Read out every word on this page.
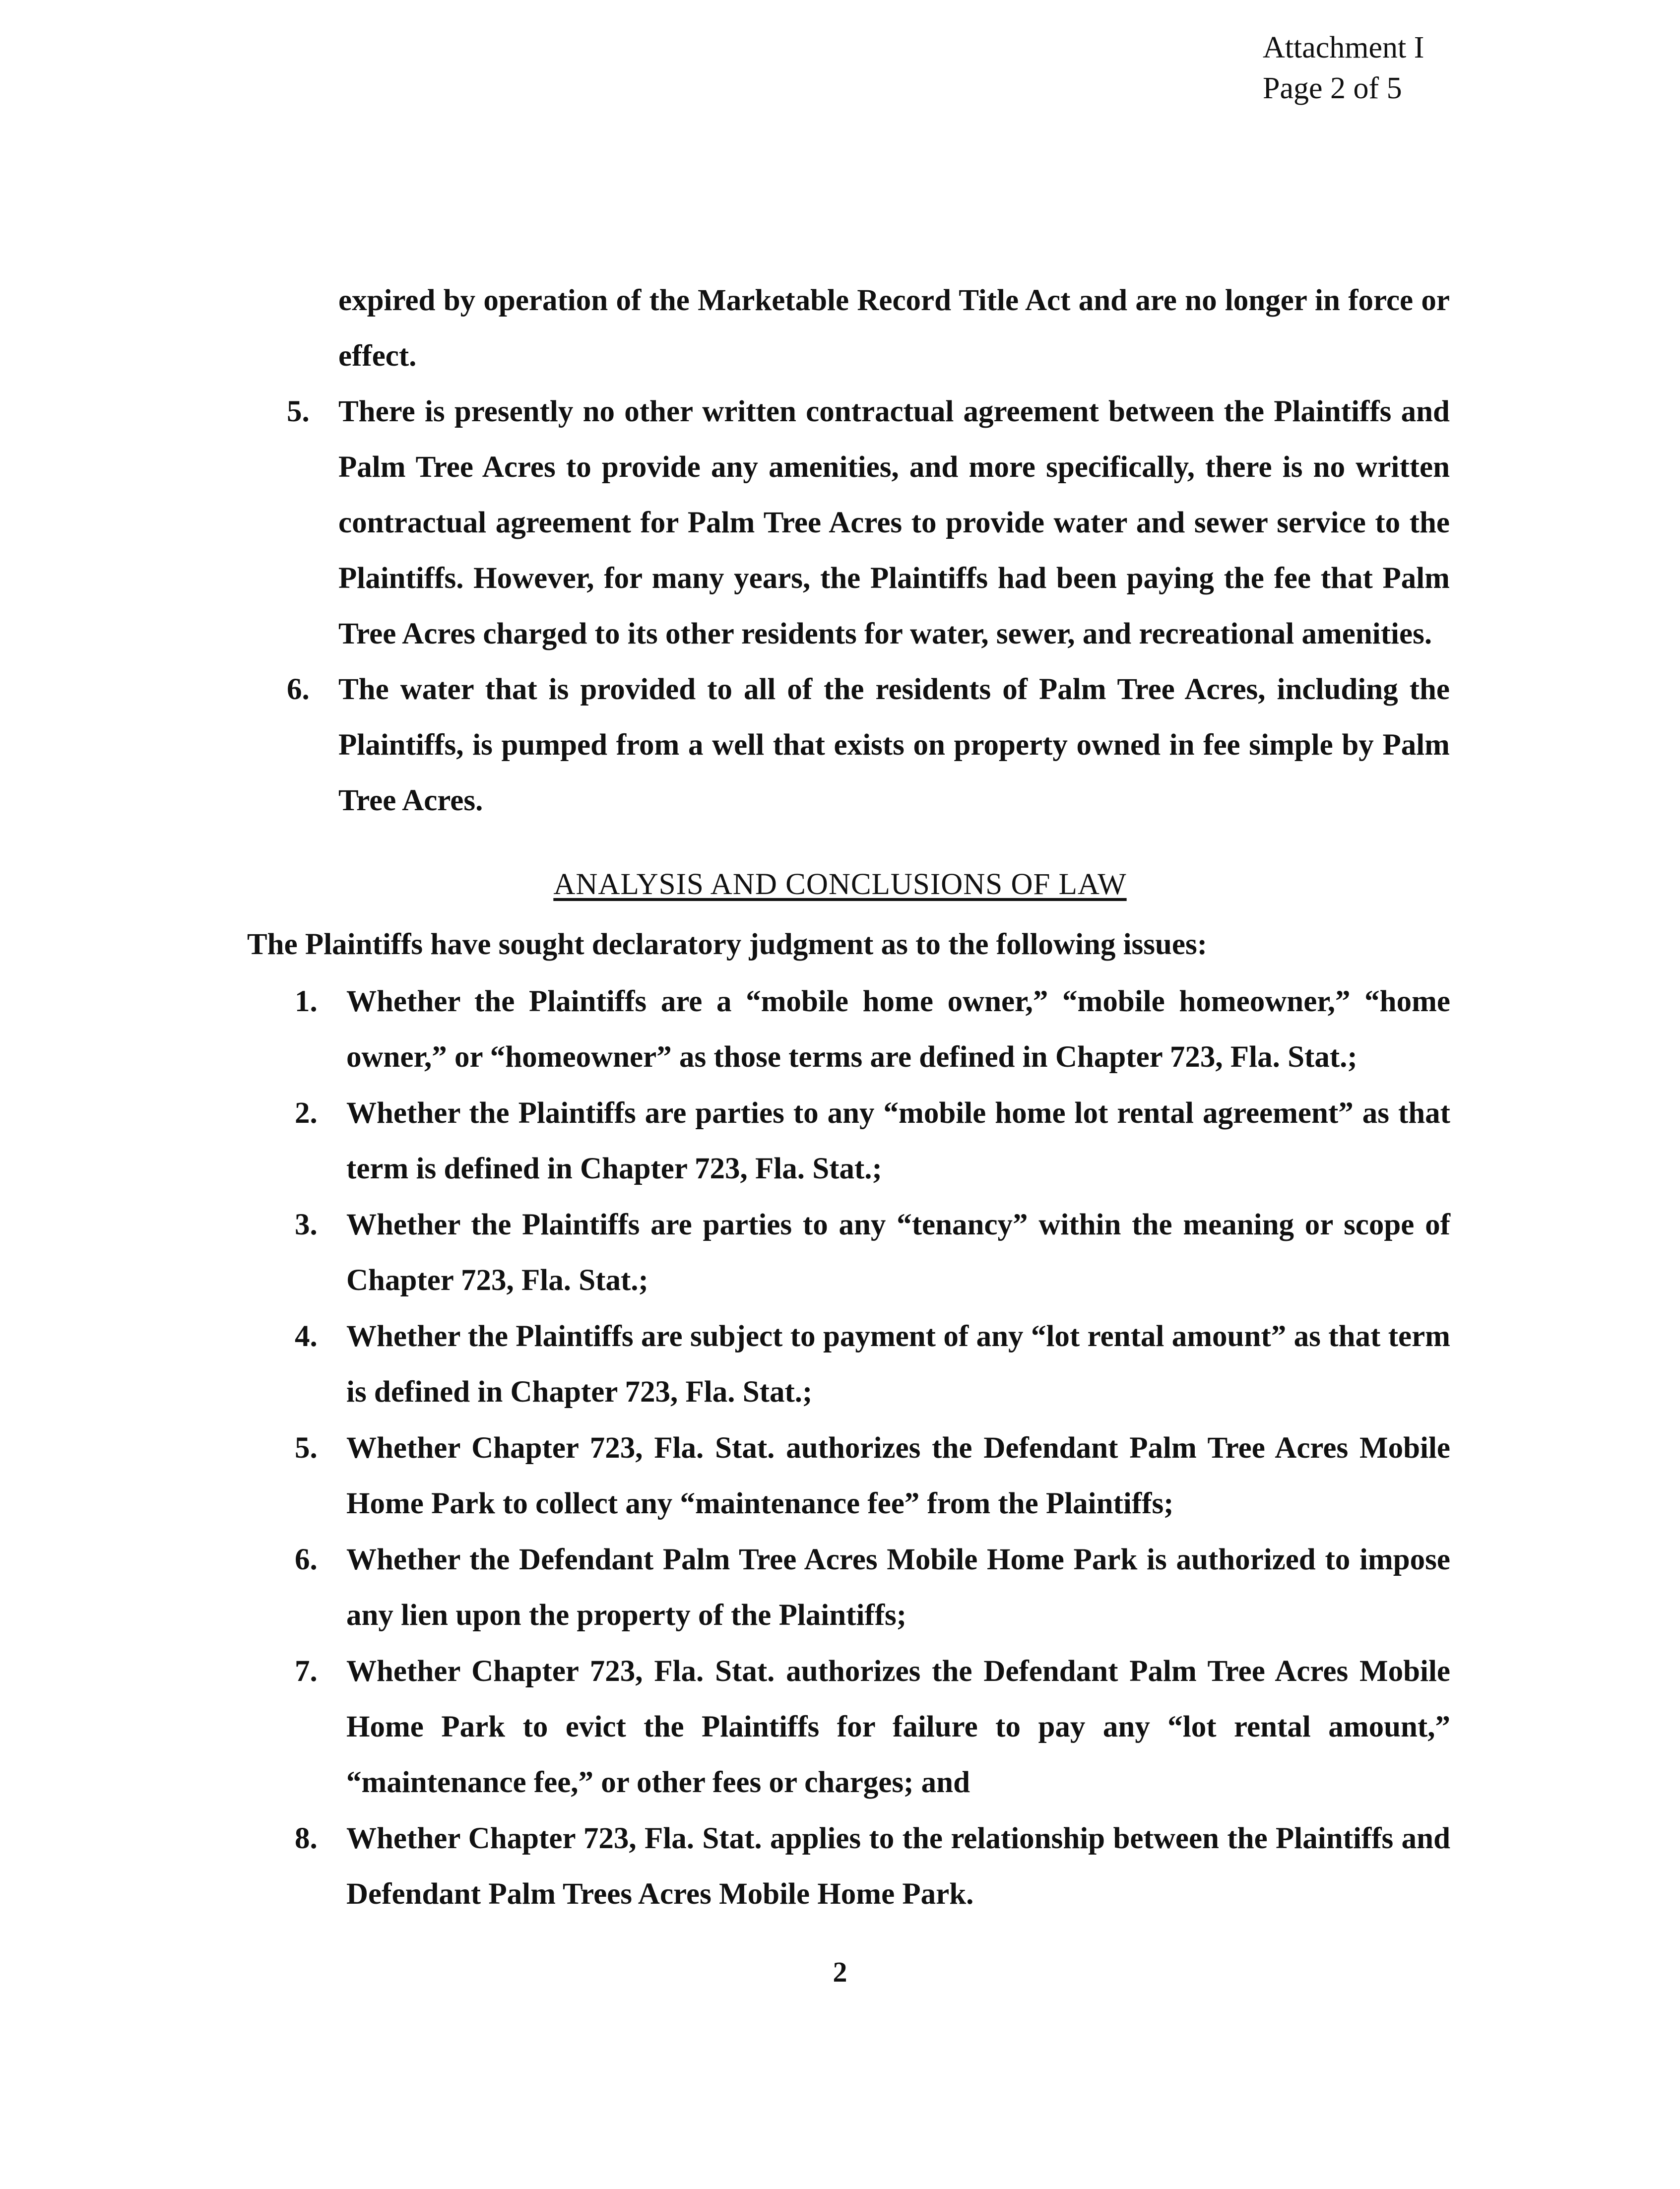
Attachment I
Page 2 of 5
expired by operation of the Marketable Record Title Act and are no longer in force or effect.
5. There is presently no other written contractual agreement between the Plaintiffs and Palm Tree Acres to provide any amenities, and more specifically, there is no written contractual agreement for Palm Tree Acres to provide water and sewer service to the Plaintiffs. However, for many years, the Plaintiffs had been paying the fee that Palm Tree Acres charged to its other residents for water, sewer, and recreational amenities.
6. The water that is provided to all of the residents of Palm Tree Acres, including the Plaintiffs, is pumped from a well that exists on property owned in fee simple by Palm Tree Acres.
ANALYSIS AND CONCLUSIONS OF LAW
The Plaintiffs have sought declaratory judgment as to the following issues:
1. Whether the Plaintiffs are a “mobile home owner,” “mobile homeowner,” “home owner,” or “homeowner” as those terms are defined in Chapter 723, Fla. Stat.;
2. Whether the Plaintiffs are parties to any “mobile home lot rental agreement” as that term is defined in Chapter 723, Fla. Stat.;
3. Whether the Plaintiffs are parties to any “tenancy” within the meaning or scope of Chapter 723, Fla. Stat.;
4. Whether the Plaintiffs are subject to payment of any “lot rental amount” as that term is defined in Chapter 723, Fla. Stat.;
5. Whether Chapter 723, Fla. Stat. authorizes the Defendant Palm Tree Acres Mobile Home Park to collect any “maintenance fee” from the Plaintiffs;
6. Whether the Defendant Palm Tree Acres Mobile Home Park is authorized to impose any lien upon the property of the Plaintiffs;
7. Whether Chapter 723, Fla. Stat. authorizes the Defendant Palm Tree Acres Mobile Home Park to evict the Plaintiffs for failure to pay any “lot rental amount,” “maintenance fee,” or other fees or charges; and
8. Whether Chapter 723, Fla. Stat. applies to the relationship between the Plaintiffs and Defendant Palm Trees Acres Mobile Home Park.
2
